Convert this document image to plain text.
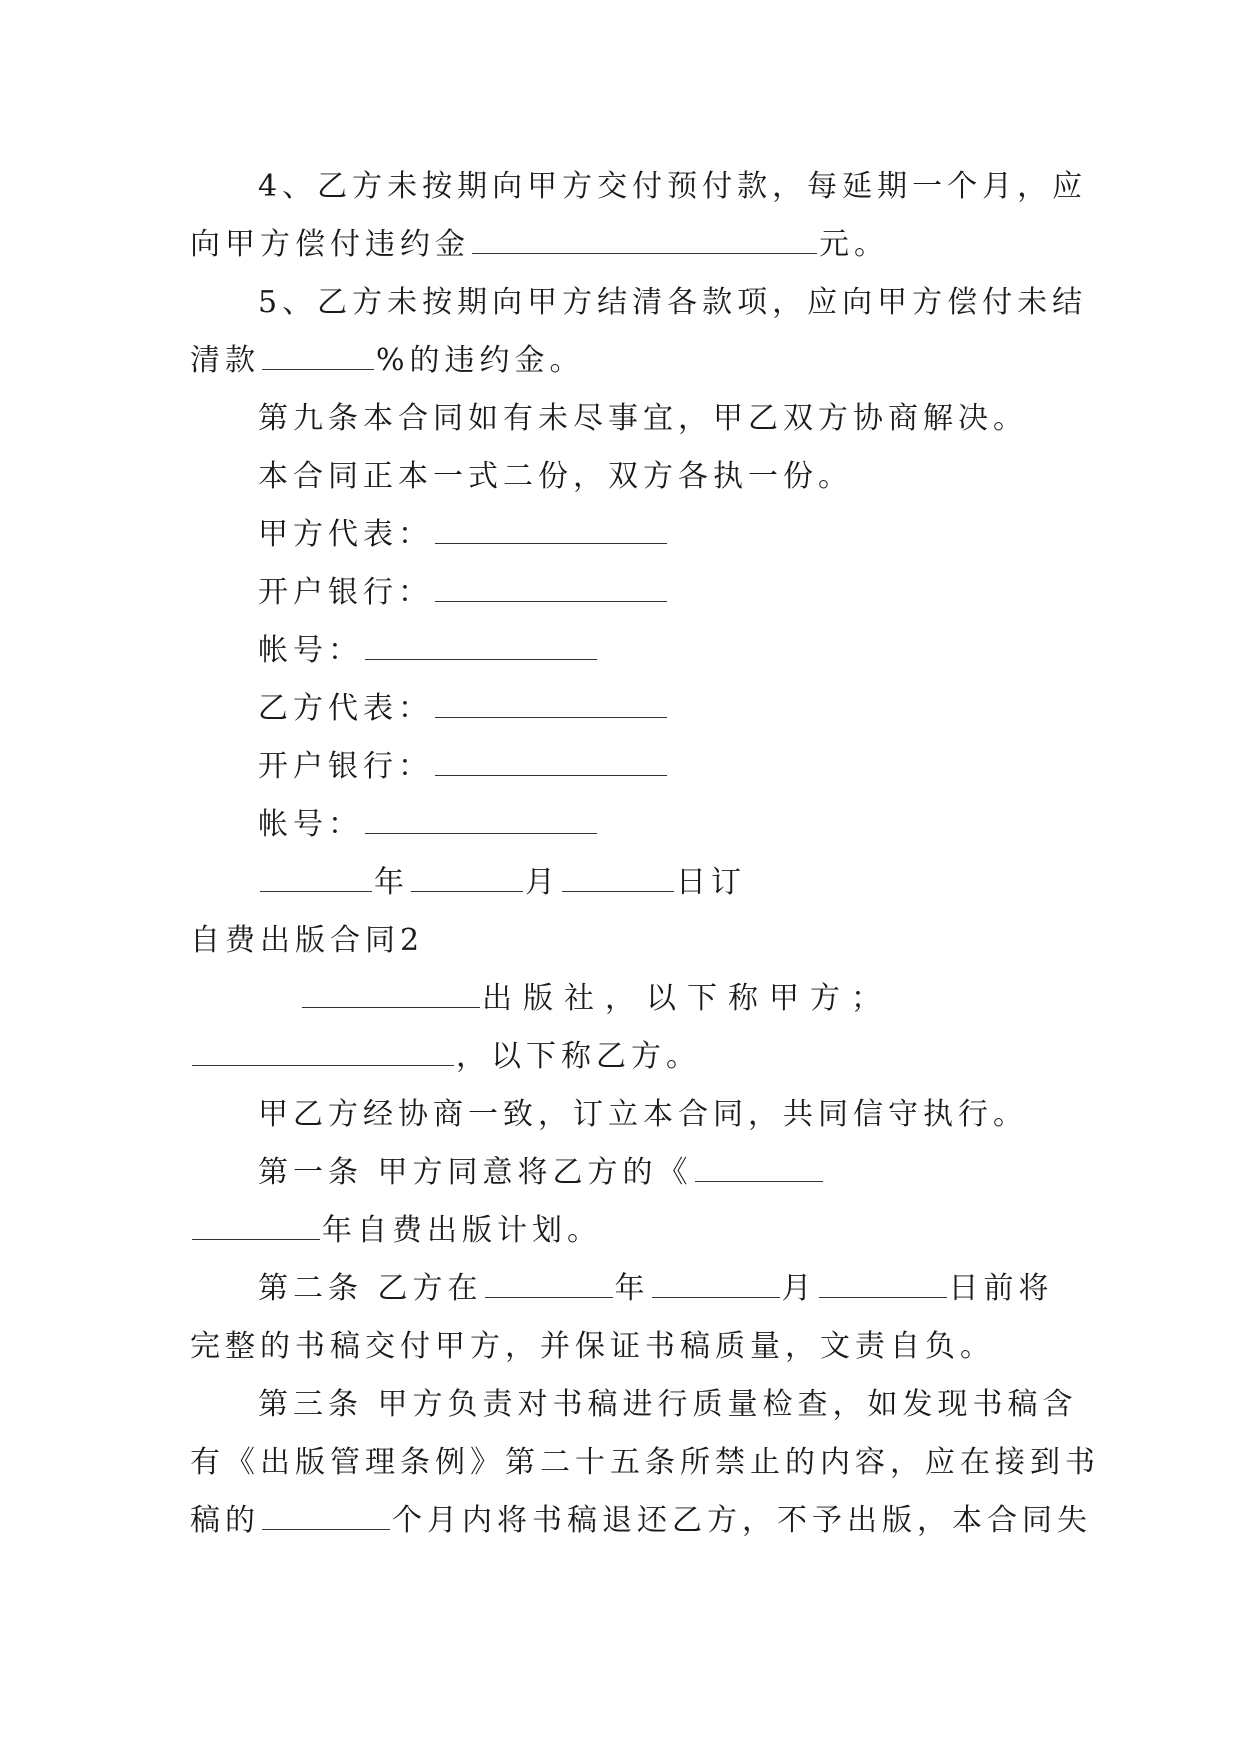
4、乙方未按期向甲方交付预付款，每延期一个月，应
向甲方偿付违约金	元。
5、乙方未按期向甲方结清各款项，应向甲方偿付未结
清款	%的违约金。
第九条本合同如有未尽事宜，甲乙双方协商解决。
本合同正本一式二份，双方各执一份。
甲方代表：
开户银行：
帐号：
乙方代表：
开户银行：
帐号：
年	月	日订
自费出版合同2
出版社，以下称甲方；
，以下称乙方。
甲乙方经协商一致，订立本合同，共同信守执行。
第一条 甲方同意将乙方的《
年自费出版计划。
第二条 乙方在	年	月	日前将
完整的书稿交付甲方，并保证书稿质量，文责自负。
第三条 甲方负责对书稿进行质量检查，如发现书稿含
有《出版管理条例》第二十五条所禁止的内容，应在接到书
稿的	个月内将书稿退还乙方，不予出版，本合同失
